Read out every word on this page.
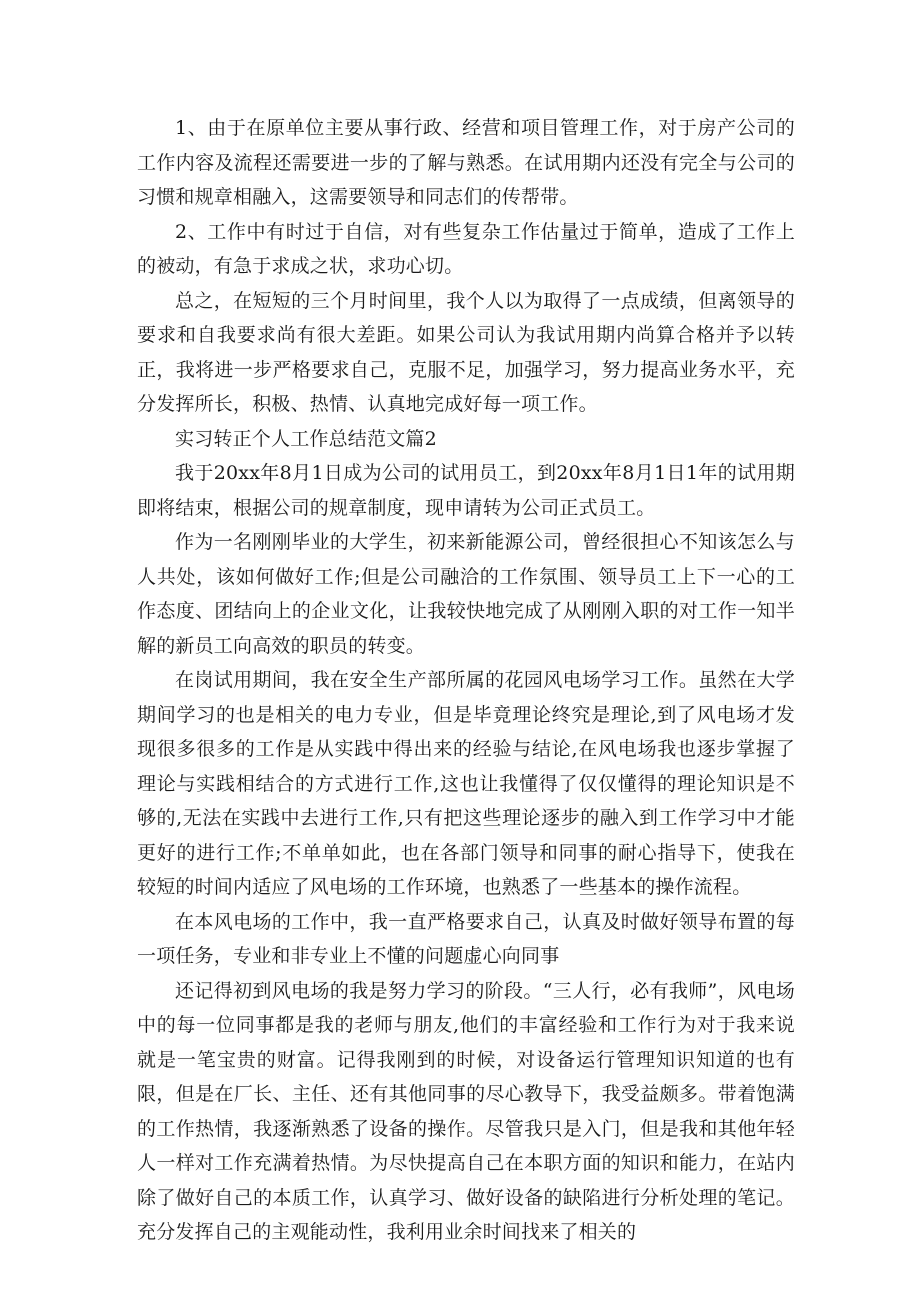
1、由于在原单位主要从事行政、经营和项目管理工作，对于房产公司的工作内容及流程还需要进一步的了解与熟悉。在试用期内还没有完全与公司的习惯和规章相融入，这需要领导和同志们的传帮带。

2、工作中有时过于自信，对有些复杂工作估量过于简单，造成了工作上的被动，有急于求成之状，求功心切。

总之，在短短的三个月时间里，我个人以为取得了一点成绩，但离领导的要求和自我要求尚有很大差距。如果公司认为我试用期内尚算合格并予以转正，我将进一步严格要求自己，克服不足，加强学习，努力提高业务水平，充分发挥所长，积极、热情、认真地完成好每一项工作。

实习转正个人工作总结范文篇2

我于20xx年8月1日成为公司的试用员工，到20xx年8月1日1年的试用期即将结束，根据公司的规章制度，现申请转为公司正式员工。

作为一名刚刚毕业的大学生，初来新能源公司，曾经很担心不知该怎么与人共处，该如何做好工作;但是公司融洽的工作氛围、领导员工上下一心的工作态度、团结向上的企业文化，让我较快地完成了从刚刚入职的对工作一知半解的新员工向高效的职员的转变。

在岗试用期间，我在安全生产部所属的花园风电场学习工作。虽然在大学期间学习的也是相关的电力专业，但是毕竟理论终究是理论,到了风电场才发现很多很多的工作是从实践中得出来的经验与结论,在风电场我也逐步掌握了理论与实践相结合的方式进行工作,这也让我懂得了仅仅懂得的理论知识是不够的,无法在实践中去进行工作,只有把这些理论逐步的融入到工作学习中才能更好的进行工作;不单单如此，也在各部门领导和同事的耐心指导下，使我在较短的时间内适应了风电场的工作环境，也熟悉了一些基本的操作流程。

在本风电场的工作中，我一直严格要求自己，认真及时做好领导布置的每一项任务，专业和非专业上不懂的问题虚心向同事

还记得初到风电场的我是努力学习的阶段。“三人行，必有我师”，风电场中的每一位同事都是我的老师与朋友,他们的丰富经验和工作行为对于我来说就是一笔宝贵的财富。记得我刚到的时候，对设备运行管理知识知道的也有限，但是在厂长、主任、还有其他同事的尽心教导下，我受益颇多。带着饱满的工作热情，我逐渐熟悉了设备的操作。尽管我只是入门，但是我和其他年轻人一样对工作充满着热情。为尽快提高自己在本职方面的知识和能力，在站内除了做好自己的本质工作，认真学习、做好设备的缺陷进行分析处理的笔记。充分发挥自己的主观能动性，我利用业余时间找来了相关的
